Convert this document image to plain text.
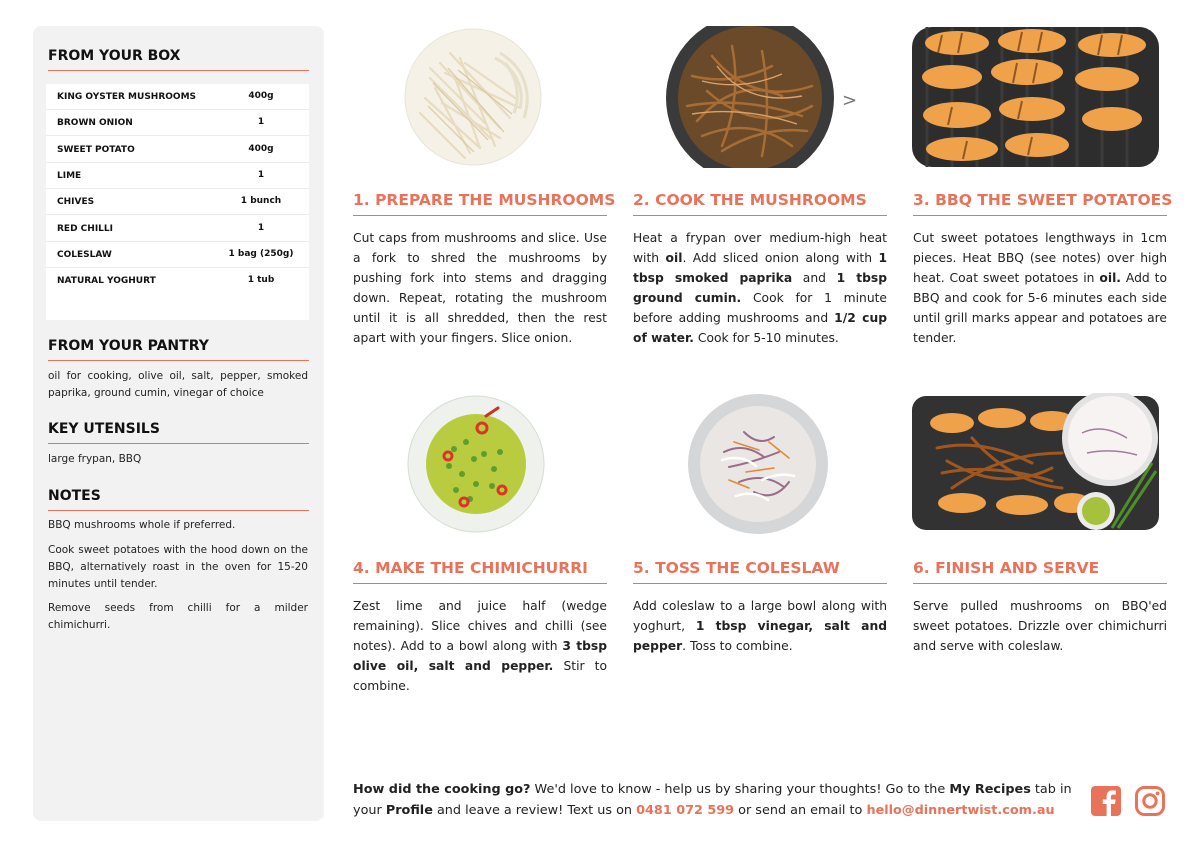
FROM YOUR BOX
KING OYSTER MUSHROOMS	400g
BROWN ONION	1
SWEET POTATO	400g
LIME	1
CHIVES	1 bunch
RED CHILLI	1
COLESLAW	1 bag (250g)
NATURAL YOGHURT	1 tub
FROM YOUR PANTRY
oil for cooking, olive oil, salt, pepper, smoked paprika, ground cumin, vinegar of choice
KEY UTENSILS
large frypan, BBQ
NOTES
BBQ mushrooms whole if preferred.
Cook sweet potatoes with the hood down on the BBQ, alternatively roast in the oven for 15-20 minutes until tender.
Remove seeds from chilli for a milder chimichurri.
>
1. PREPARE THE MUSHROOMS
Cut caps from mushrooms and slice. Use a fork to shred the mushrooms by pushing fork into stems and dragging down. Repeat, rotating the mushroom until it is all shredded, then the rest apart with your fingers. Slice onion.
2. COOK THE MUSHROOMS
Heat a frypan over medium-high heat with oil. Add sliced onion along with 1 tbsp smoked paprika and 1 tbsp ground cumin. Cook for 1 minute before adding mushrooms and 1/2 cup of water. Cook for 5-10 minutes.
3. BBQ THE SWEET POTATOES
Cut sweet potatoes lengthways in 1cm pieces. Heat BBQ (see notes) over high heat. Coat sweet potatoes in oil. Add to BBQ and cook for 5-6 minutes each side until grill marks appear and potatoes are tender.
4. MAKE THE CHIMICHURRI
Zest lime and juice half (wedge remaining). Slice chives and chilli (see notes). Add to a bowl along with 3 tbsp olive oil, salt and pepper. Stir to combine.
5. TOSS THE COLESLAW
Add coleslaw to a large bowl along with yoghurt, 1 tbsp vinegar, salt and pepper. Toss to combine.
6. FINISH AND SERVE
Serve pulled mushrooms on BBQ'ed sweet potatoes. Drizzle over chimichurri and serve with coleslaw.
How did the cooking go? We'd love to know - help us by sharing your thoughts! Go to the My Recipes tab in your Profile and leave a review! Text us on 0481 072 599 or send an email to hello@dinnertwist.com.au
